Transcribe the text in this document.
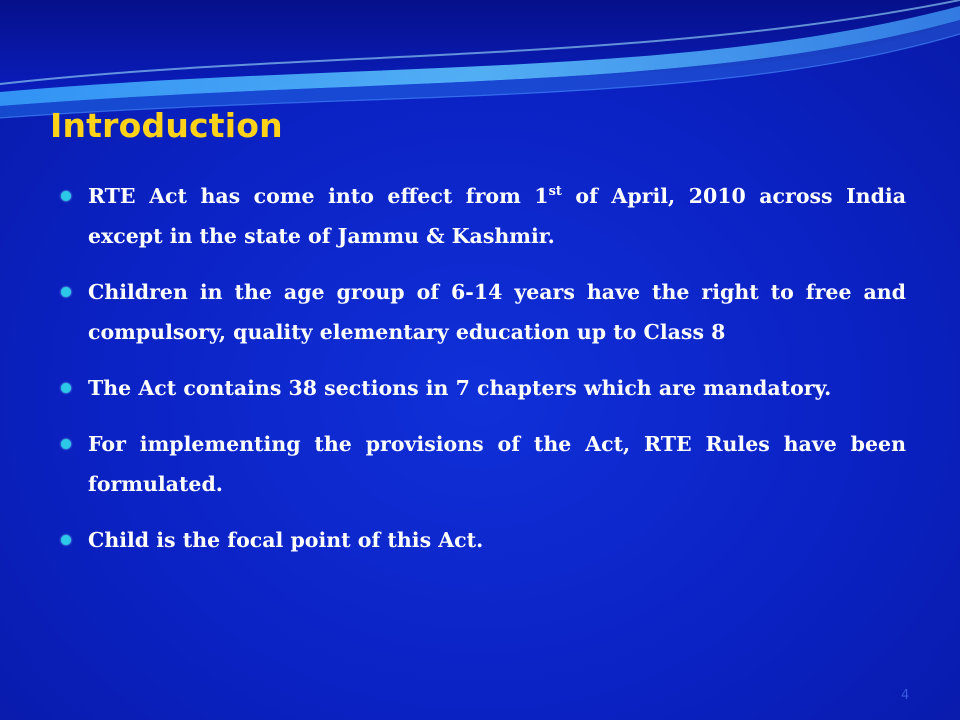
Introduction
RTE Act has come into effect from 1st of April, 2010 across India except in the state of Jammu & Kashmir.
Children in the age group of 6-14 years have the right to free and compulsory, quality elementary education up to Class 8
The Act contains 38 sections in 7 chapters which are mandatory.
For implementing the provisions of the Act, RTE Rules have been formulated.
Child is the focal point of this Act.
4
